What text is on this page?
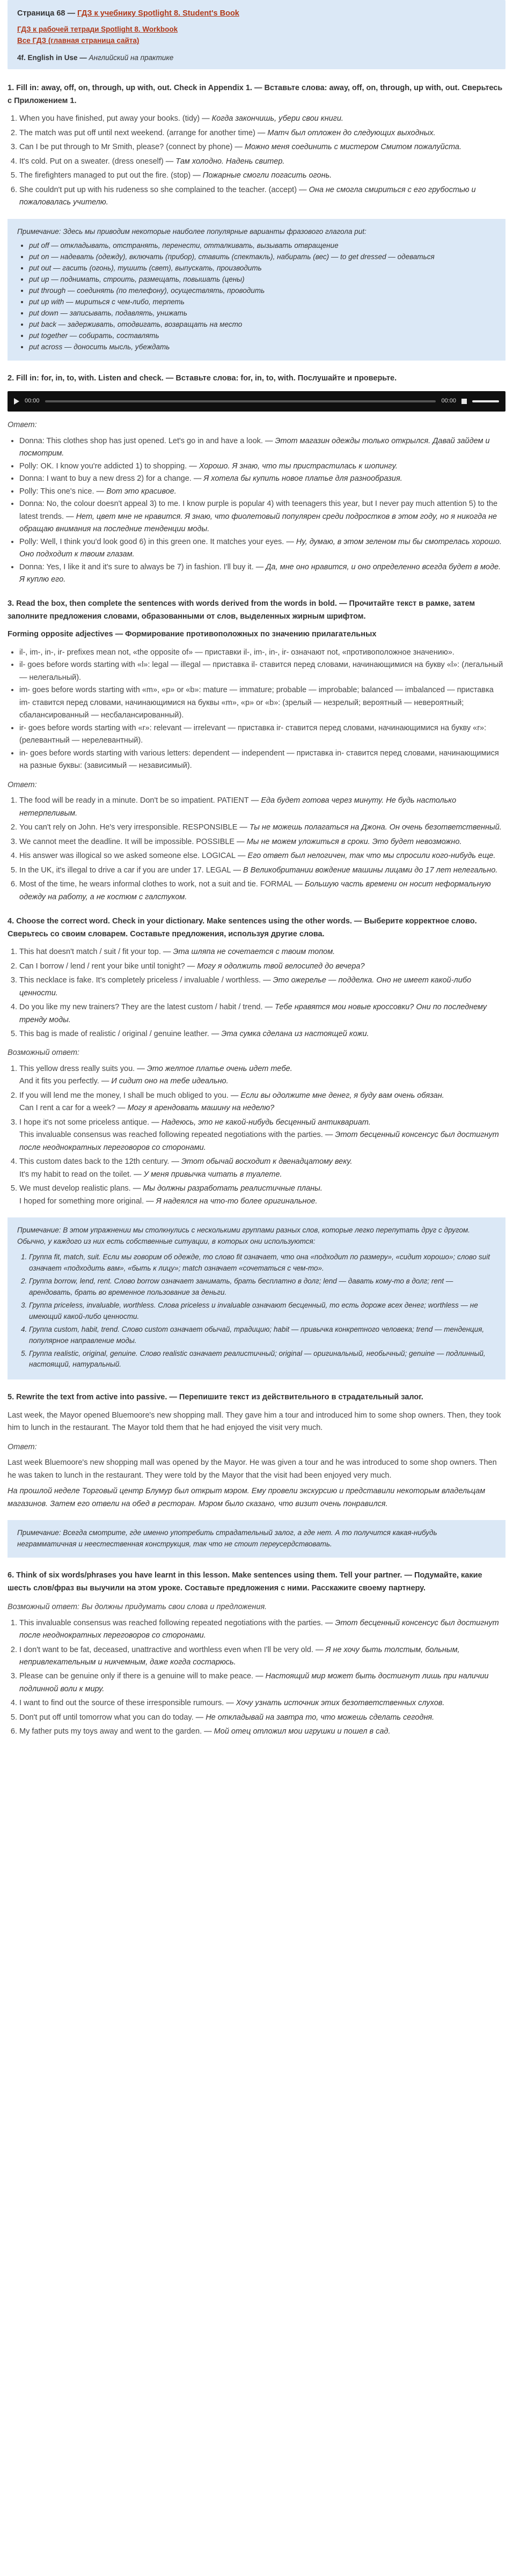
Страница 68 — ГДЗ к учебнику Spotlight 8. Student's Book
ГДЗ к рабочей тетради Spotlight 8. Workbook
Все ГДЗ (главная страница сайта)
4f. English in Use — Английский на практике
1. Fill in: away, off, on, through, up with, out. Check in Appendix 1. — Вставьте слова: away, off, on, through, up with, out. Сверьтесь с Приложением 1.
1. When you have finished, put away your books. (tidy) — Когда закончишь, убери свои книги.
2. The match was put off until next weekend. (arrange for another time) — Матч был отложен до следующих выходных.
3. Can I be put through to Mr Smith, please? (connect by phone) — Можно меня соединить с мистером Смитом пожалуйста.
4. It's cold. Put on a sweater. (dress oneself) — Там холодно. Надень свитер.
5. The firefighters managed to put out the fire. (stop) — Пожарные смогли погасить огонь.
6. She couldn't put up with his rudeness so she complained to the teacher. (accept) — Она не смогла смириться с его грубостью и пожаловалась учителю.
Примечание: Здесь мы приводим некоторые наиболее популярные варианты фразового глагола put:
• put off — откладывать, отстранять, перенести, отталкивать, вызывать отвращение
• put on — надевать (одежду), включать (прибор), ставить (спектакль), набирать (вес) — to get dressed — одеваться
• put out — гасить (огонь), тушить (свет), выпускать, производить
• put up — поднимать, строить, размещать, повышать (цены)
• put through — соединять (по телефону), осуществлять, проводить
• put up with — мириться с чем-либо, терпеть
• put down — записывать, подавлять, унижать
• put back — задерживать, отодвигать, возвращать на место
• put together — собирать, составлять
• put across — доносить мысль, убеждать
2. Fill in: for, in, to, with. Listen and check. — Вставьте слова: for, in, to, with. Послушайте и проверьте.
00:00	00:00
Ответ:
• Donna: This clothes shop has just opened. Let's go in and have a look. — Этот магазин одежды только открылся. Давай зайдем и посмотрим.
• Polly: OK. I know you're addicted 1) to shopping. — Хорошо. Я знаю, что ты пристрастилась к шопингу.
• Donna: I want to buy a new dress 2) for a change. — Я хотела бы купить новое платье для разнообразия.
• Polly: This one's nice. — Вот это красивое.
• Donna: No, the colour doesn't appeal 3) to me. I know purple is popular 4) with teenagers this year, but I never pay much attention 5) to the latest trends. — Нет, цвет мне не нравится. Я знаю, что фиолетовый популярен среди подростков в этом году, но я никогда не обращаю внимания на последние тенденции моды.
• Polly: Well, I think you'd look good 6) in this green one. It matches your eyes. — Ну, думаю, в этом зеленом ты бы смотрелась хорошо. Оно подходит к твоим глазам.
• Donna: Yes, I like it and it's sure to always be 7) in fashion. I'll buy it. — Да, мне оно нравится, и оно определенно всегда будет в моде. Я куплю его.
3. Read the box, then complete the sentences with words derived from the words in bold. — Прочитайте текст в рамке, затем заполните предложения словами, образованными от слов, выделенных жирным шрифтом.
Forming opposite adjectives — Формирование противоположных по значению прилагательных
• il-, im-, in-, ir- prefixes mean not, «the opposite of» — приставки il-, im-, in-, ir- означают not, «противоположное значению».
• il- goes before words starting with «l»: legal — illegal — приставка il- ставится перед словами, начинающимися на букву «l»: (легальный — нелегальный).
• im- goes before words starting with «m», «p» or «b»: mature — immature; probable — improbable; balanced — imbalanced — приставка im- ставится перед словами, начинающимися на буквы «m», «p» or «b»: (зрелый — незрелый; вероятный — невероятный; сбалансированный — несбалансированный).
• ir- goes before words starting with «r»: relevant — irrelevant — приставка ir- ставится перед словами, начинающимися на букву «r»: (релевантный — нерелевантный).
• in- goes before words starting with various letters: dependent — independent — приставка in- ставится перед словами, начинающимися на разные буквы: (зависимый — независимый).
Ответ:
1. The food will be ready in a minute. Don't be so impatient. PATIENT — Еда будет готова через минуту. Не будь настолько нетерпеливым.
2. You can't rely on John. He's very irresponsible. RESPONSIBLE — Ты не можешь полагаться на Джона. Он очень безответственный.
3. We cannot meet the deadline. It will be impossible. POSSIBLE — Мы не можем уложиться в сроки. Это будет невозможно.
4. His answer was illogical so we asked someone else. LOGICAL — Его ответ был нелогичен, так что мы спросили кого-нибудь еще.
5. In the UK, it's illegal to drive a car if you are under 17. LEGAL — В Великобритании вождение машины лицами до 17 лет нелегально.
6. Most of the time, he wears informal clothes to work, not a suit and tie. FORMAL — Большую часть времени он носит неформальную одежду на работу, а не костюм с галстуком.
4. Choose the correct word. Check in your dictionary. Make sentences using the other words. — Выберите корректное слово. Сверьтесь со своим словарем. Составьте предложения, используя другие слова.
1. This hat doesn't match / suit / fit your top. — Эта шляпа не сочетается с твоим топом.
2. Can I borrow / lend / rent your bike until tonight? — Могу я одолжить твой велосипед до вечера?
3. This necklace is fake. It's completely priceless / invaluable / worthless. — Это ожерелье — подделка. Оно не имеет какой-либо ценности.
4. Do you like my new trainers? They are the latest custom / habit / trend. — Тебе нравятся мои новые кроссовки? Они по последнему тренду моды.
5. This bag is made of realistic / original / genuine leather. — Эта сумка сделана из настоящей кожи.
Возможный ответ:
1. This yellow dress really suits you. — Это желтое платье очень идет тебе.
And it fits you perfectly. — И сидит оно на тебе идеально.
2. If you will lend me the money, I shall be much obliged to you. — Если вы одолжите мне денег, я буду вам очень обязан.
Can I rent a car for a week? — Могу я арендовать машину на неделю?
3. I hope it's not some priceless antique. — Надеюсь, это не какой-нибудь бесценный антиквариат.
This invaluable consensus was reached following repeated negotiations with the parties. — Этот бесценный консенсус был достигнут после неоднократных переговоров со сторонами.
4. This custom dates back to the 12th century. — Этот обычай восходит к двенадцатому веку.
It's my habit to read on the toilet. — У меня привычка читать в туалете.
5. We must develop realistic plans. — Мы должны разработать реалистичные планы.
I hoped for something more original. — Я надеялся на что-то более оригинальное.
Примечание: В этом упражнении мы столкнулись с несколькими группами разных слов, которые легко перепутать друг с другом. Обычно, у каждого из них есть собственные ситуации, в которых они используются:
1. Группа fit, match, suit. Если мы говорим об одежде, то слово fit означает, что она «подходит по размеру», «сидит хорошо»; слово suit означает «подходить вам», «быть к лицу»; match означает «сочетаться с чем-то».
2. Группа borrow, lend, rent. Слово borrow означает занимать, брать бесплатно в долг; lend — давать кому-то в долг; rent — арендовать, брать во временное пользование за деньги.
3. Группа priceless, invaluable, worthless. Слова priceless и invaluable означают бесценный, то есть дороже всех денег; worthless — не имеющий какой-либо ценности.
4. Группа custom, habit, trend. Слово custom означает обычай, традицию; habit — привычка конкретного человека; trend — тенденция, популярное направление моды.
5. Группа realistic, original, genuine. Слово realistic означает реалистичный; original — оригинальный, необычный; genuine — подлинный, настоящий, натуральный.
5. Rewrite the text from active into passive. — Перепишите текст из действительного в страдательный залог.

Last week, the Mayor opened Bluemoore's new shopping mall. They gave him a tour and introduced him to some shop owners. Then, they took him to lunch in the restaurant. The Mayor told them that he had enjoyed the visit very much.

Ответ:

Last week Bluemoore's new shopping mall was opened by the Mayor. He was given a tour and he was introduced to some shop owners. Then he was taken to lunch in the restaurant. They were told by the Mayor that the visit had been enjoyed very much.

На прошлой неделе Торговый центр Блумур был открыт мэром. Ему провели экскурсию и представили некоторым владельцам магазинов. Затем его отвели на обед в ресторан. Мэром было сказано, что визит очень понравился.

Примечание: Всегда смотрите, где именно употребить страдательный залог, а где нет. А то получится какая-нибудь неграмматичная и неестественная конструкция, так что не стоит переусердствовать.
6. Think of six words/phrases you have learnt in this lesson. Make sentences using them. Tell your partner. — Подумайте, какие шесть слов/фраз вы выучили на этом уроке. Составьте предложения с ними. Расскажите своему партнеру.
Возможный ответ: Вы должны придумать свои слова и предложения.
1. This invaluable consensus was reached following repeated negotiations with the parties. — Этот бесценный консенсус был достигнут после неоднократных переговоров со сторонами.
2. I don't want to be fat, deceased, unattractive and worthless even when I'll be very old. — Я не хочу быть толстым, больным, непривлекательным и никчемным, даже когда состарюсь.
3. Please can be genuine only if there is a genuine will to make peace. — Настоящий мир может быть достигнут лишь при наличии подлинной воли к миру.
4. I want to find out the source of these irresponsible rumours. — Хочу узнать источник этих безответственных слухов.
5. Don't put off until tomorrow what you can do today. — Не откладывай на завтра то, что можешь сделать сегодня.
6. My father puts my toys away and went to the garden. — Мой отец отложил мои игрушки и пошел в сад.
